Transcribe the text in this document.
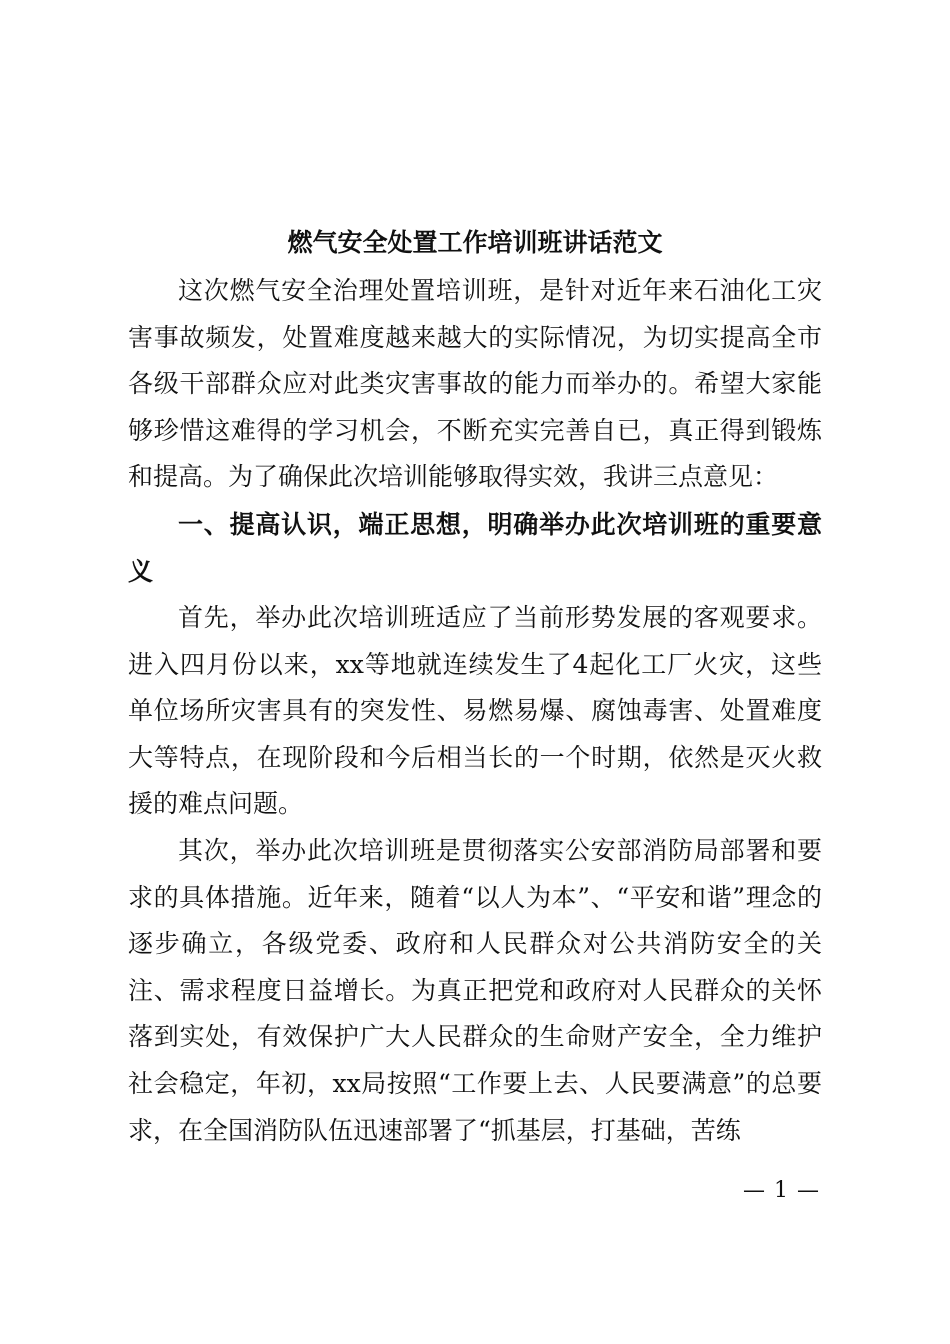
燃气安全处置工作培训班讲话范文

这次燃气安全治理处置培训班，是针对近年来石油化工灾害事故频发，处置难度越来越大的实际情况，为切实提高全市各级干部群众应对此类灾害事故的能力而举办的。希望大家能够珍惜这难得的学习机会，不断充实完善自已，真正得到锻炼和提高。为了确保此次培训能够取得实效，我讲三点意见：

一、提高认识，端正思想，明确举办此次培训班的重要意义

首先，举办此次培训班适应了当前形势发展的客观要求。进入四月份以来，xx等地就连续发生了4起化工厂火灾，这些单位场所灾害具有的突发性、易燃易爆、腐蚀毒害、处置难度大等特点，在现阶段和今后相当长的一个时期，依然是灭火救援的难点问题。

其次，举办此次培训班是贯彻落实公安部消防局部署和要求的具体措施。近年来，随着“以人为本”、“平安和谐”理念的逐步确立，各级党委、政府和人民群众对公共消防安全的关注、需求程度日益增长。为真正把党和政府对人民群众的关怀落到实处，有效保护广大人民群众的生命财产安全，全力维护社会稳定，年初，xx局按照“工作要上去、人民要满意”的总要求，在全国消防队伍迅速部署了“抓基层，打基础，苦练

— 1 —
